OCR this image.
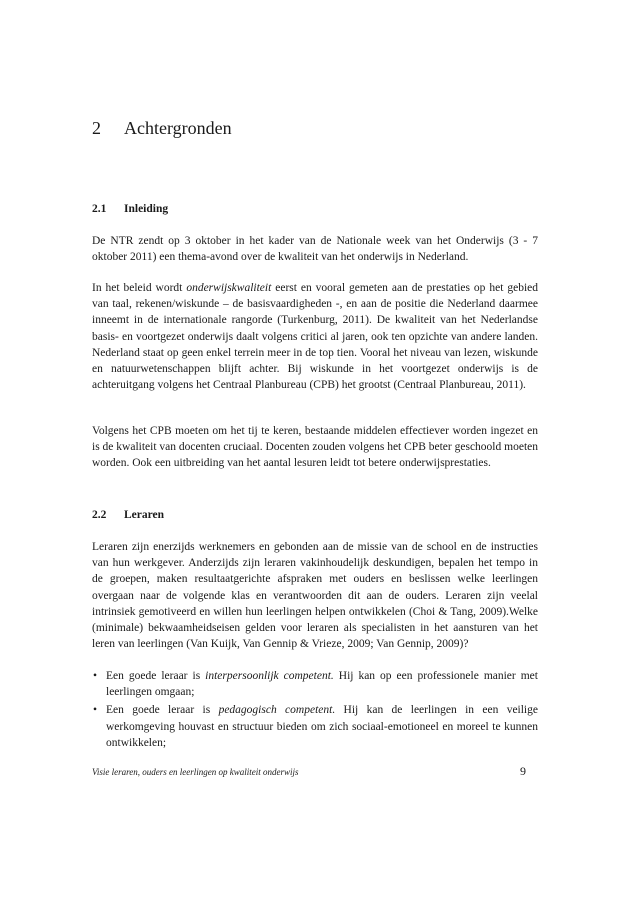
2 Achtergronden
2.1 Inleiding

De NTR zendt op 3 oktober in het kader van de Nationale week van het Onderwijs (3 - 7 oktober 2011) een thema-avond over de kwaliteit van het onderwijs in Nederland.

In het beleid wordt onderwijskwaliteit eerst en vooral gemeten aan de prestaties op het gebied van taal, rekenen/wiskunde – de basisvaardigheden -, en aan de positie die Nederland daarmee inneemt in de internationale rangorde (Turkenburg, 2011). De kwaliteit van het Nederlandse basis- en voortgezet onderwijs daalt volgens critici al jaren, ook ten opzichte van andere landen. Nederland staat op geen enkel terrein meer in de top tien. Vooral het niveau van lezen, wiskunde en natuurwetenschappen blijft achter. Bij wiskunde in het voortgezet onderwijs is de achteruitgang volgens het Centraal Planbureau (CPB) het grootst (Centraal Planbureau, 2011).

Volgens het CPB moeten om het tij te keren, bestaande middelen effectiever worden ingezet en is de kwaliteit van docenten cruciaal. Docenten zouden volgens het CPB beter geschoold moeten worden. Ook een uitbreiding van het aantal lesuren leidt tot betere onderwijsprestaties.

2.2 Leraren

Leraren zijn enerzijds werknemers en gebonden aan de missie van de school en de instructies van hun werkgever. Anderzijds zijn leraren vakinhoudelijk deskundigen, bepalen het tempo in de groepen, maken resultaatgerichte afspraken met ouders en beslissen welke leerlingen overgaan naar de volgende klas en verantwoorden dit aan de ouders. Leraren zijn veelal intrinsiek gemotiveerd en willen hun leerlingen helpen ontwikkelen (Choi & Tang, 2009).Welke (minimale) bekwaamheidseisen gelden voor leraren als specialisten in het aansturen van het leren van leerlingen (Van Kuijk, Van Gennip & Vrieze, 2009; Van Gennip, 2009)?

• Een goede leraar is interpersoonlijk competent. Hij kan op een professionele manier met leerlingen omgaan;
• Een goede leraar is pedagogisch competent. Hij kan de leerlingen in een veilige werkomgeving houvast en structuur bieden om zich sociaal-emotioneel en moreel te kunnen ontwikkelen;
Visie leraren, ouders en leerlingen op kwaliteit onderwijs	9
